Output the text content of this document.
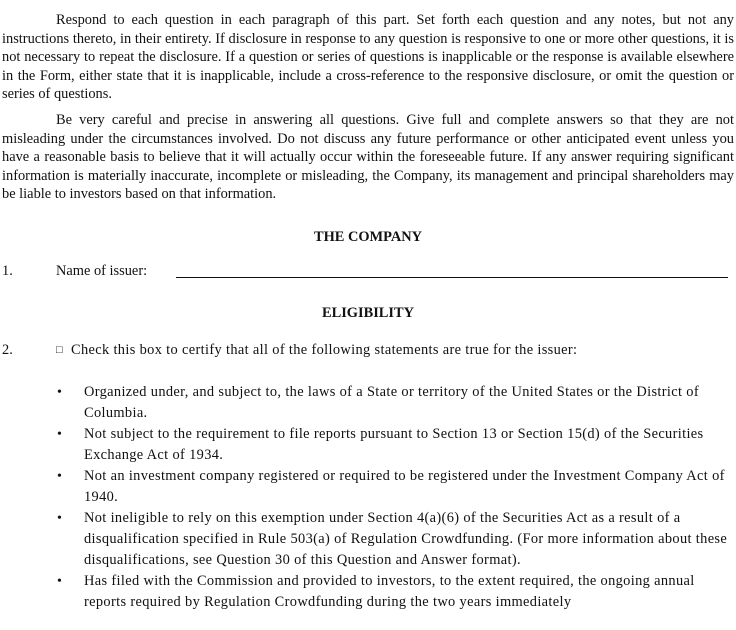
Respond to each question in each paragraph of this part. Set forth each question and any notes, but not any instructions thereto, in their entirety. If disclosure in response to any question is responsive to one or more other questions, it is not necessary to repeat the disclosure. If a question or series of questions is inapplicable or the response is available elsewhere in the Form, either state that it is inapplicable, include a cross-reference to the responsive disclosure, or omit the question or series of questions.

Be very careful and precise in answering all questions. Give full and complete answers so that they are not misleading under the circumstances involved. Do not discuss any future performance or other anticipated event unless you have a reasonable basis to believe that it will actually occur within the foreseeable future. If any answer requiring significant information is materially inaccurate, incomplete or misleading, the Company, its management and principal shareholders may be liable to investors based on that information.

THE COMPANY
1.	Name of issuer:
ELIGIBILITY
2.	□ Check this box to certify that all of the following statements are true for the issuer:
• Organized under, and subject to, the laws of a State or territory of the United States or the District of Columbia.
• Not subject to the requirement to file reports pursuant to Section 13 or Section 15(d) of the Securities Exchange Act of 1934.
• Not an investment company registered or required to be registered under the Investment Company Act of 1940.
• Not ineligible to rely on this exemption under Section 4(a)(6) of the Securities Act as a result of a disqualification specified in Rule 503(a) of Regulation Crowdfunding. (For more information about these disqualifications, see Question 30 of this Question and Answer format).
• Has filed with the Commission and provided to investors, to the extent required, the ongoing annual reports required by Regulation Crowdfunding during the two years immediately
